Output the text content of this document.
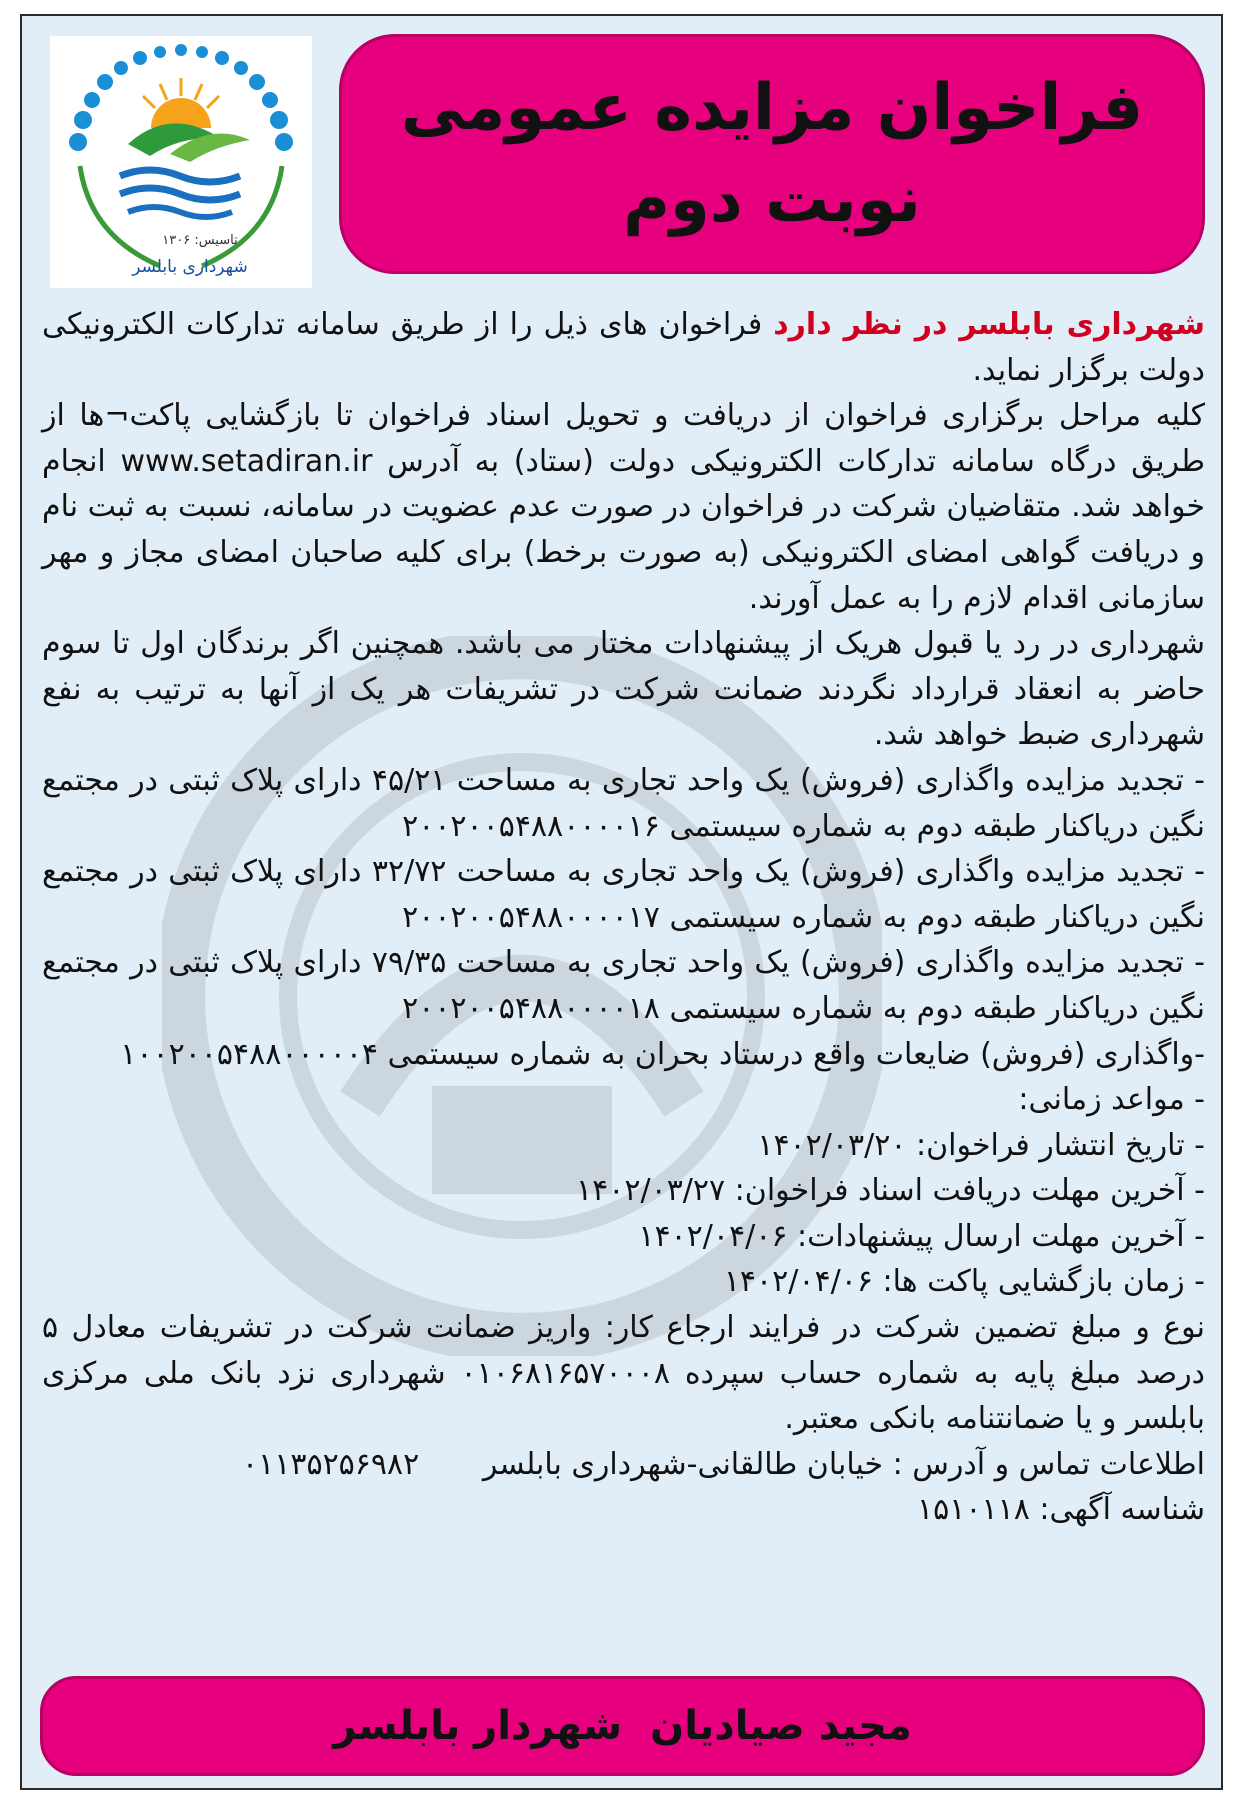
تاسیس: ۱۳۰۶
شهرداری بابلسر
فراخوان مزایده عمومی
نوبت دوم

شهرداری بابلسر در نظر دارد فراخوان های ذیل را از طریق سامانه تدارکات الکترونیکی دولت برگزار نماید.

کلیه مراحل برگزاری فراخوان از دریافت و تحویل اسناد فراخوان تا بازگشایی پاکت¬ها از طریق درگاه سامانه تدارکات الکترونیکی دولت (ستاد) به آدرس www.setadiran.ir انجام خواهد شد. متقاضیان شرکت در فراخوان در صورت عدم عضویت در سامانه، نسبت به ثبت نام و دریافت گواهی امضای الکترونیکی (به صورت برخط) برای کلیه صاحبان امضای مجاز و مهر سازمانی اقدام لازم را به عمل آورند.

شهرداری در رد یا قبول هریک از پیشنهادات مختار می باشد. همچنین اگر برندگان اول تا سوم حاضر به انعقاد قرارداد نگردند ضمانت شرکت در تشریفات هر یک از آنها به ترتیب به نفع شهرداری ضبط خواهد شد.

- تجدید مزایده واگذاری (فروش) یک واحد تجاری به مساحت ۴۵/۲۱ دارای پلاک ثبتی در مجتمع نگین دریاکنار طبقه دوم به شماره سیستمی ۲۰۰۲۰۰۵۴۸۸۰۰۰۰۱۶

- تجدید مزایده واگذاری (فروش) یک واحد تجاری به مساحت ۳۲/۷۲ دارای پلاک ثبتی در مجتمع نگین دریاکنار طبقه دوم به شماره سیستمی ۲۰۰۲۰۰۵۴۸۸۰۰۰۰۱۷

- تجدید مزایده واگذاری (فروش) یک واحد تجاری به مساحت ۷۹/۳۵ دارای پلاک ثبتی در مجتمع نگین دریاکنار طبقه دوم به شماره سیستمی ۲۰۰۲۰۰۵۴۸۸۰۰۰۰۱۸

-واگذاری (فروش) ضایعات واقع درستاد بحران به شماره سیستمی ۱۰۰۲۰۰۵۴۸۸۰۰۰۰۰۴

- مواعد زمانی:

- تاریخ انتشار فراخوان: ۱۴۰۲/۰۳/۲۰

- آخرین مهلت دریافت اسناد فراخوان: ۱۴۰۲/۰۳/۲۷

- آخرین مهلت ارسال پیشنهادات: ۱۴۰۲/۰۴/۰۶

- زمان بازگشایی پاکت ها: ۱۴۰۲/۰۴/۰۶

نوع و مبلغ تضمین شرکت در فرایند ارجاع کار: واریز ضمانت شرکت در تشریفات معادل ۵ درصد مبلغ پایه به شماره حساب سپرده ۰۱۰۶۸۱۶۵۷۰۰۰۸ شهرداری نزد بانک ملی مرکزی بابلسر و یا ضمانتنامه بانکی معتبر.

اطلاعات تماس و آدرس : خیابان طالقانی-شهرداری بابلسر
۰۱۱۳۵۲۵۶۹۸۲

شناسه آگهی: ۱۵۱۰۱۱۸

مجید صیادیان
شهردار بابلسر
